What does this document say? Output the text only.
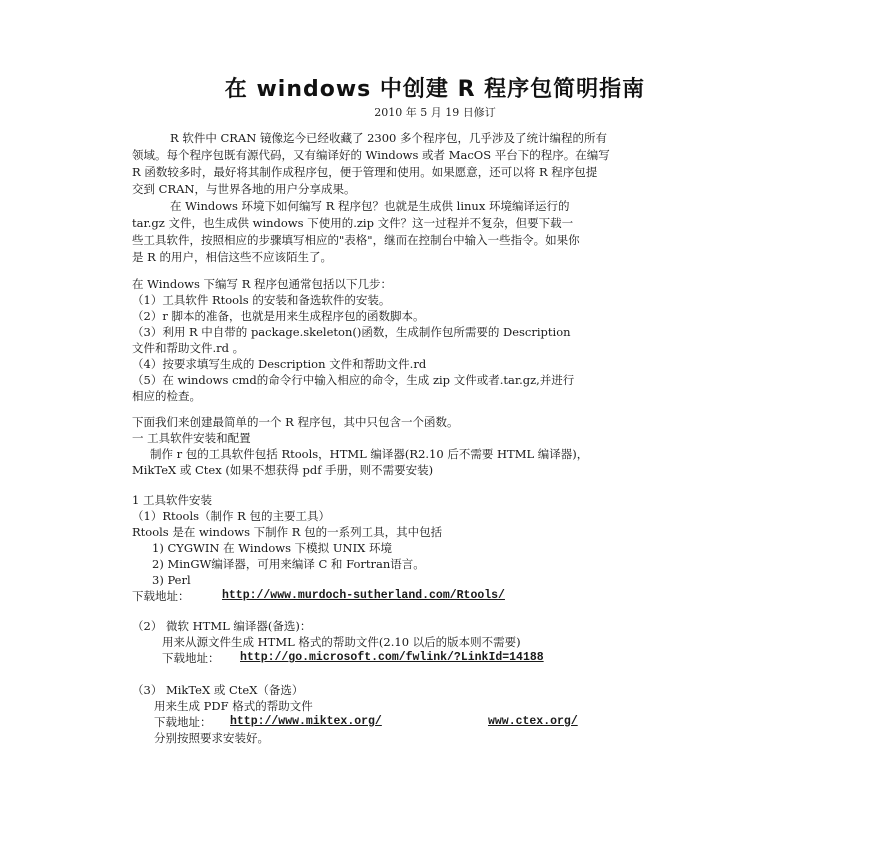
在 windows 中创建 R 程序包简明指南
2010 年 5 月 19 日修订
R 软件中 CRAN 镜像迄今已经收藏了 2300 多个程序包，几乎涉及了统计编程的所有
领域。每个程序包既有源代码，又有编译好的 Windows 或者 MacOS 平台下的程序。在编写
R 函数较多时，最好将其制作成程序包，便于管理和使用。如果愿意，还可以将 R 程序包提
交到 CRAN，与世界各地的用户分享成果。
在 Windows 环境下如何编写 R 程序包？也就是生成供 linux 环境编译运行的
tar.gz 文件，也生成供 windows 下使用的.zip 文件？这一过程并不复杂，但要下载一
些工具软件，按照相应的步骤填写相应的"表格"，继而在控制台中输入一些指令。如果你
是 R 的用户，相信这些不应该陌生了。
在 Windows 下编写 R 程序包通常包括以下几步：
（1）工具软件 Rtools 的安装和备选软件的安装。
（2）r 脚本的准备，也就是用来生成程序包的函数脚本。
（3）利用 R 中自带的 package.skeleton()函数，生成制作包所需要的 Description
文件和帮助文件.rd 。
（4）按要求填写生成的 Description 文件和帮助文件.rd
（5）在 windows cmd的命令行中输入相应的命令，生成 zip 文件或者.tar.gz,并进行
相应的检查。
下面我们来创建最简单的一个 R 程序包，其中只包含一个函数。
一 工具软件安装和配置
制作 r 包的工具软件包括 Rtools，HTML 编译器(R2.10 后不需要 HTML 编译器)，
MikTeX 或 Ctex (如果不想获得 pdf 手册，则不需要安装)
1 工具软件安装
（1）Rtools（制作 R 包的主要工具）
Rtools 是在 windows 下制作 R 包的一系列工具，其中包括
1) CYGWIN 在 Windows 下模拟 UNIX 环境
2) MinGW编译器，可用来编译 C 和 Fortran语言。
3) Perl
下载地址：	http://www.murdoch-sutherland.com/Rtools/
（2） 微软 HTML 编译器(备选)：
用来从源文件生成 HTML 格式的帮助文件(2.10 以后的版本则不需要)
下载地址： http://go.microsoft.com/fwlink/?LinkId=14188
（3） MikTeX 或 CteX（备选）
用来生成 PDF 格式的帮助文件
下载地址： http://www.miktex.org/	www.ctex.org/
分别按照要求安装好。
